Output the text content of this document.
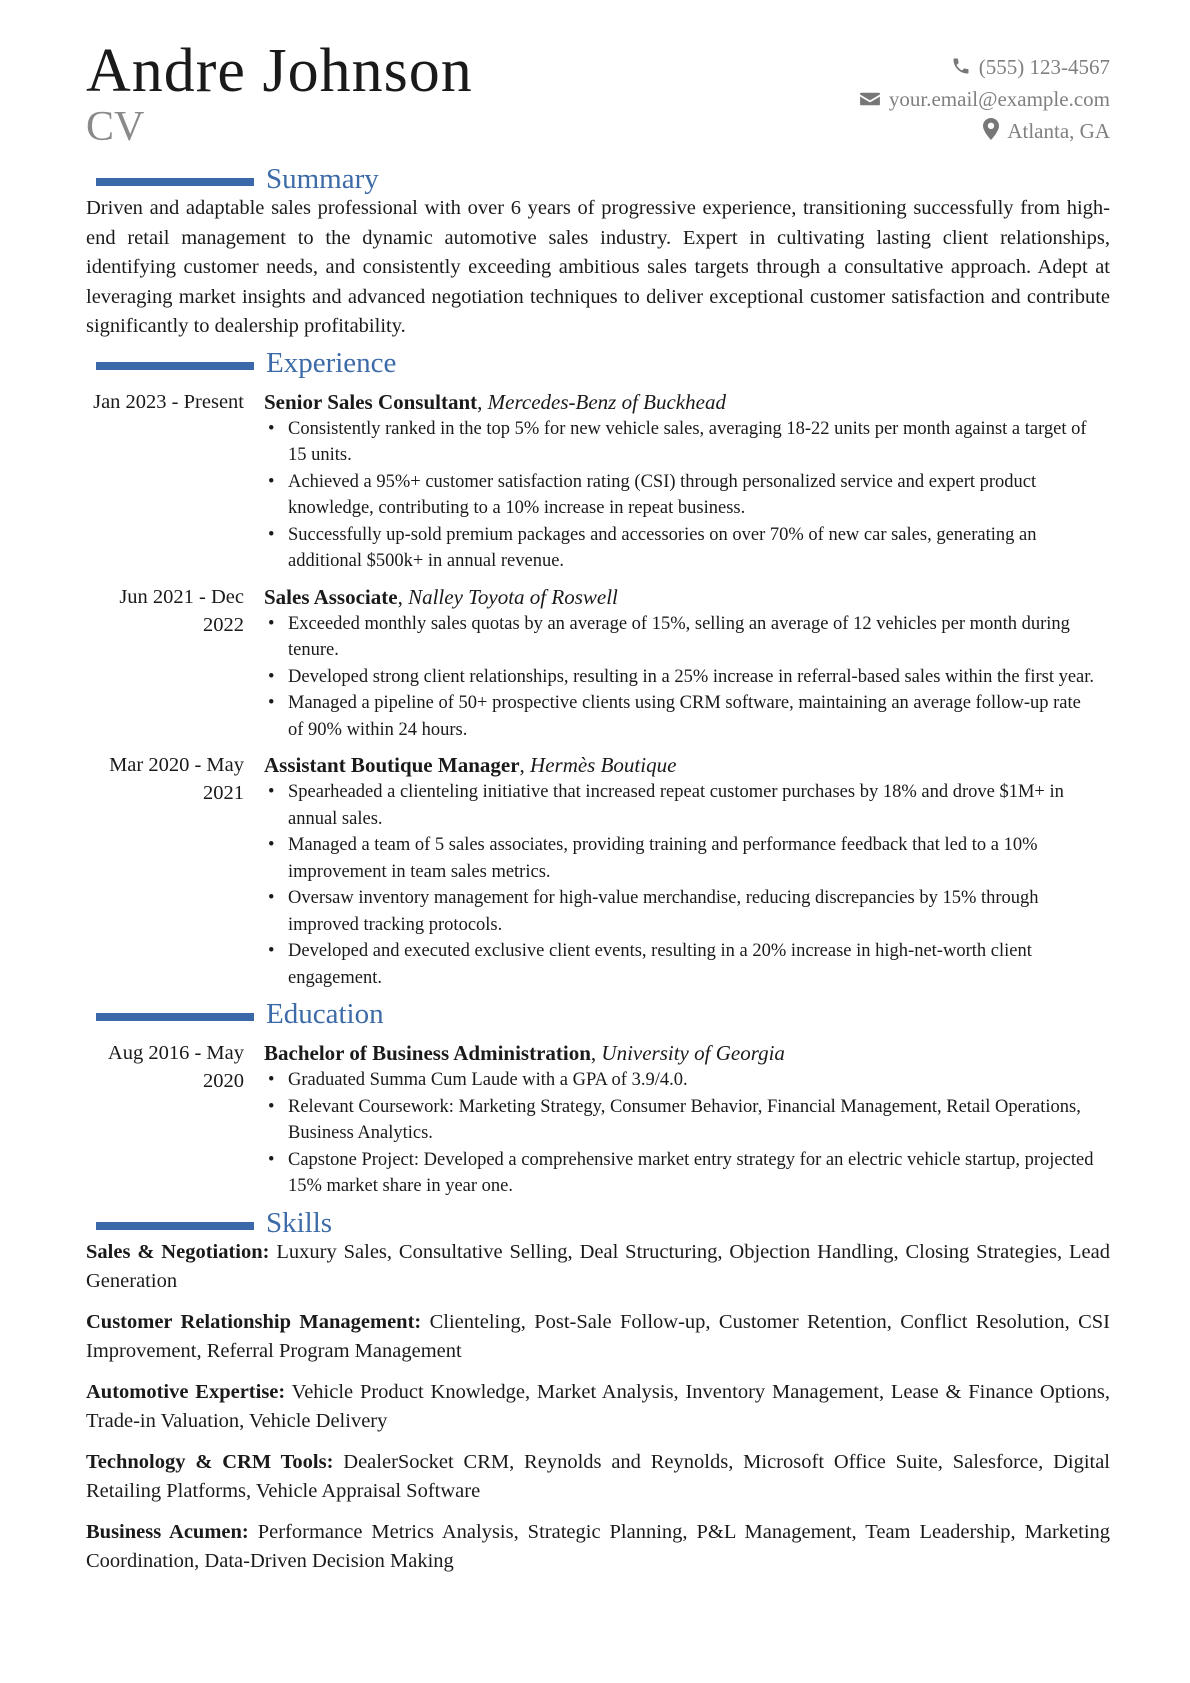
Andre Johnson
CV
(555) 123-4567
your.email@example.com
Atlanta, GA
Summary
Driven and adaptable sales professional with over 6 years of progressive experience, transitioning successfully from high-end retail management to the dynamic automotive sales industry. Expert in cultivating lasting client relationships, identifying customer needs, and consistently exceeding ambitious sales targets through a consultative approach. Adept at leveraging market insights and advanced negotiation techniques to deliver exceptional customer satisfaction and contribute significantly to dealership profitability.
Experience
Jan 2023 - Present Senior Sales Consultant, Mercedes-Benz of Buckhead
• Consistently ranked in the top 5% for new vehicle sales, averaging 18-22 units per month against a target of 15 units.
• Achieved a 95%+ customer satisfaction rating (CSI) through personalized service and expert product knowledge, contributing to a 10% increase in repeat business.
• Successfully up-sold premium packages and accessories on over 70% of new car sales, generating an additional $500k+ in annual revenue.
Jun 2021 - Dec 2022
Sales Associate, Nalley Toyota of Roswell
• Exceeded monthly sales quotas by an average of 15%, selling an average of 12 vehicles per month during tenure.
• Developed strong client relationships, resulting in a 25% increase in referral-based sales within the first year.
• Managed a pipeline of 50+ prospective clients using CRM software, maintaining an average follow-up rate of 90% within 24 hours.
Mar 2020 - May 2021
Assistant Boutique Manager, Hermès Boutique
• Spearheaded a clienteling initiative that increased repeat customer purchases by 18% and drove $1M+ in annual sales.
• Managed a team of 5 sales associates, providing training and performance feedback that led to a 10% improvement in team sales metrics.
• Oversaw inventory management for high-value merchandise, reducing discrepancies by 15% through improved tracking protocols.
• Developed and executed exclusive client events, resulting in a 20% increase in high-net-worth client engagement.
Education
Aug 2016 - May 2020
Bachelor of Business Administration, University of Georgia
• Graduated Summa Cum Laude with a GPA of 3.9/4.0.
• Relevant Coursework: Marketing Strategy, Consumer Behavior, Financial Management, Retail Operations, Business Analytics.
• Capstone Project: Developed a comprehensive market entry strategy for an electric vehicle startup, projected 15% market share in year one.
Skills
Sales & Negotiation: Luxury Sales, Consultative Selling, Deal Structuring, Objection Handling, Closing Strategies, Lead Generation
Customer Relationship Management: Clienteling, Post-Sale Follow-up, Customer Retention, Conflict Resolution, CSI Improvement, Referral Program Management
Automotive Expertise: Vehicle Product Knowledge, Market Analysis, Inventory Management, Lease & Finance Options, Trade-in Valuation, Vehicle Delivery
Technology & CRM Tools: DealerSocket CRM, Reynolds and Reynolds, Microsoft Office Suite, Salesforce, Digital Retailing Platforms, Vehicle Appraisal Software
Business Acumen: Performance Metrics Analysis, Strategic Planning, P&L Management, Team Leadership, Marketing Coordination, Data-Driven Decision Making
